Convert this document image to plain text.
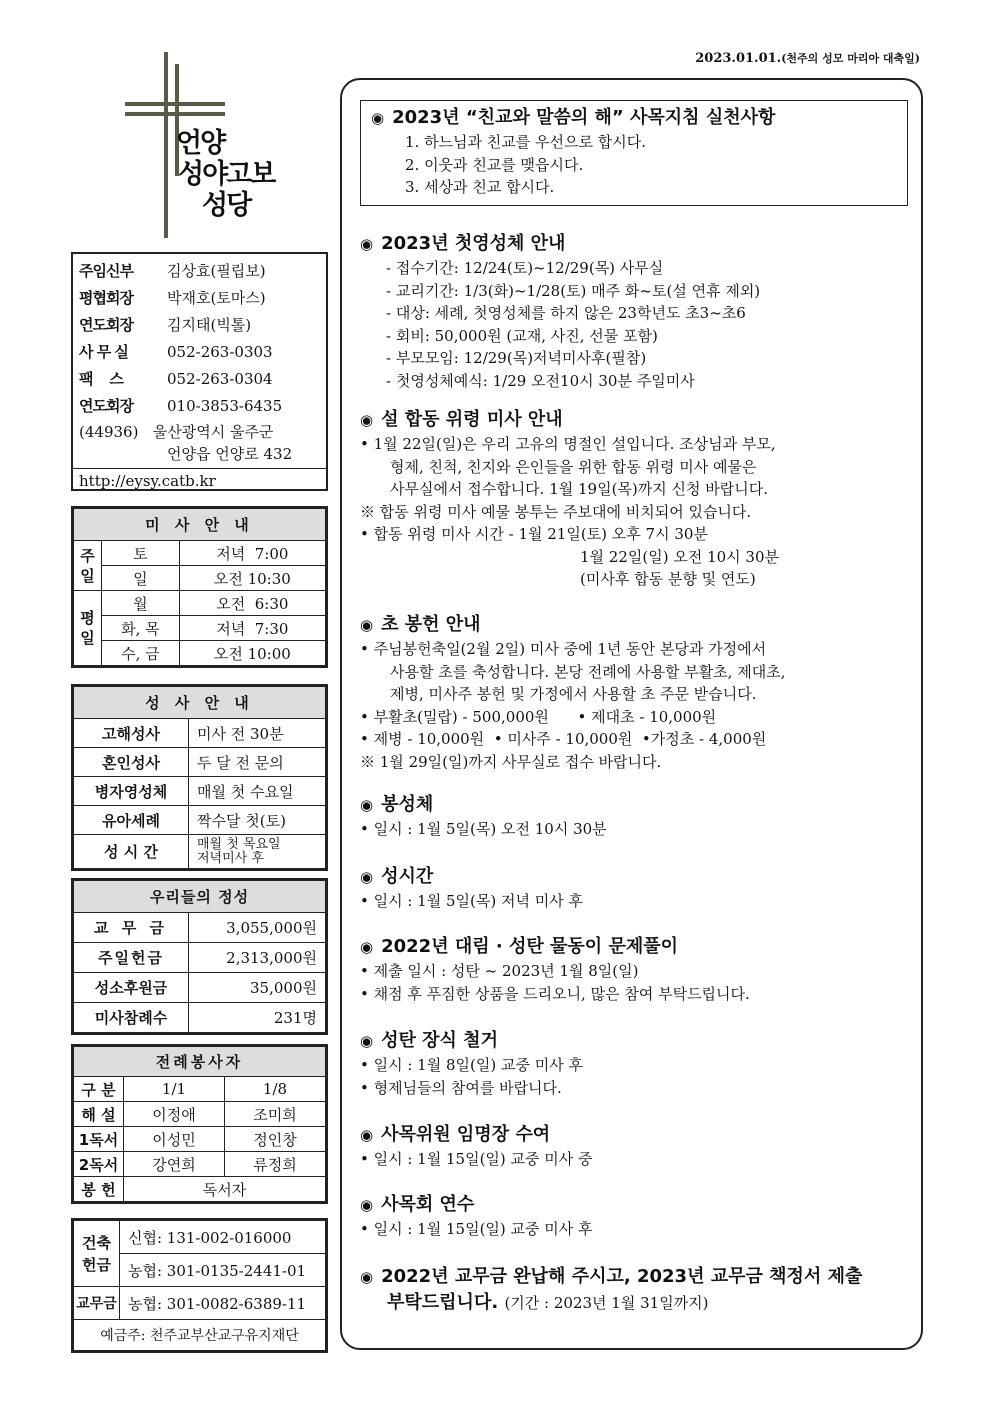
2023.01.01.(천주의 성모 마리아 대축일)
언양
성야고보
성당
주임신부	김상효(필립보)
평협회장	박재호(토마스)
연도회장	김지태(빅톨)
사 무 실	052-263-0303
팩    스	052-263-0304
연도회장	010-3853-6435
(44936) 울산광역시 울주군
언양읍 언양로 432
http://eysy.catb.kr
미 사 안 내		
주일	토	저녁  7:00
	일	오전 10:30
평일	월	오전  6:30
	화, 목	저녁  7:30
	수, 금	오전 10:00
성 사 안 내	
고해성사	미사 전 30분
혼인성사	두 달 전 문의
병자영성체	매월 첫 수요일
유아세례	짝수달 첫(토)
성 시 간	매월 첫 목요일
저녁미사 후
우리들의 정성	
교 무 금	3,055,000원
주일헌금	2,313,000원
성소후원금	35,000원
미사참례수	231명
전례봉사자		
구 분	1/1	1/8
해 설	이정애	조미희
1독서	이성민	정인창
2독서	강연희	류정희
봉 헌	독서자	
건축헌금	신협: 131-002-016000
	농협: 301-0135-2441-01
교무금	농협: 301-0082-6389-11
예금주: 천주교부산교구유지재단	
◉ 2023년 “친교와 말씀의 해” 사목지침 실천사항
1. 하느님과 친교를 우선으로 합시다.
2. 이웃과 친교를 맺읍시다.
3. 세상과 친교 합시다.
◉ 2023년 첫영성체 안내
- 접수기간: 12/24(토)~12/29(목) 사무실
- 교리기간: 1/3(화)~1/28(토) 매주 화~토(설 연휴 제외)
- 대상: 세례, 첫영성체를 하지 않은 23학년도 초3~초6
- 회비: 50,000원 (교재, 사진, 선물 포함)
- 부모모임: 12/29(목)저녁미사후(필참)
- 첫영성체예식: 1/29 오전10시 30분 주일미사
◉ 설 합동 위령 미사 안내
• 1월 22일(일)은 우리 고유의 명절인 설입니다. 조상님과 부모,
형제, 친척, 친지와 은인들을 위한 합동 위령 미사 예물은
사무실에서 접수합니다. 1월 19일(목)까지 신청 바랍니다.
※ 합동 위령 미사 예물 봉투는 주보대에 비치되어 있습니다.
• 합동 위령 미사 시간 - 1월 21일(토) 오후 7시 30분
1월 22일(일) 오전 10시 30분
(미사후 합동 분향 및 연도)
◉ 초 봉헌 안내
• 주님봉헌축일(2월 2일) 미사 중에 1년 동안 본당과 가정에서
사용할 초를 축성합니다. 본당 전례에 사용할 부활초, 제대초,
제병, 미사주 봉헌 및 가정에서 사용할 초 주문 받습니다.
• 부활초(밀랍) - 500,000원      • 제대초 - 10,000원
• 제병 - 10,000원  • 미사주 - 10,000원  •가정초 - 4,000원
※ 1월 29일(일)까지 사무실로 접수 바랍니다.
◉ 봉성체
• 일시 : 1월 5일(목) 오전 10시 30분
◉ 성시간
• 일시 : 1월 5일(목) 저녁 미사 후
◉ 2022년 대림 · 성탄 물동이 문제풀이
• 제출 일시 : 성탄 ~ 2023년 1월 8일(일)
• 채점 후 푸짐한 상품을 드리오니, 많은 참여 부탁드립니다.
◉ 성탄 장식 철거
• 일시 : 1월 8일(일) 교중 미사 후
• 형제님들의 참여를 바랍니다.
◉ 사목위원 임명장 수여
• 일시 : 1월 15일(일) 교중 미사 중
◉ 사목회 연수
• 일시 : 1월 15일(일) 교중 미사 후
◉ 2022년 교무금 완납해 주시고, 2023년 교무금 책정서 제출
부탁드립니다. (기간 : 2023년 1월 31일까지)
